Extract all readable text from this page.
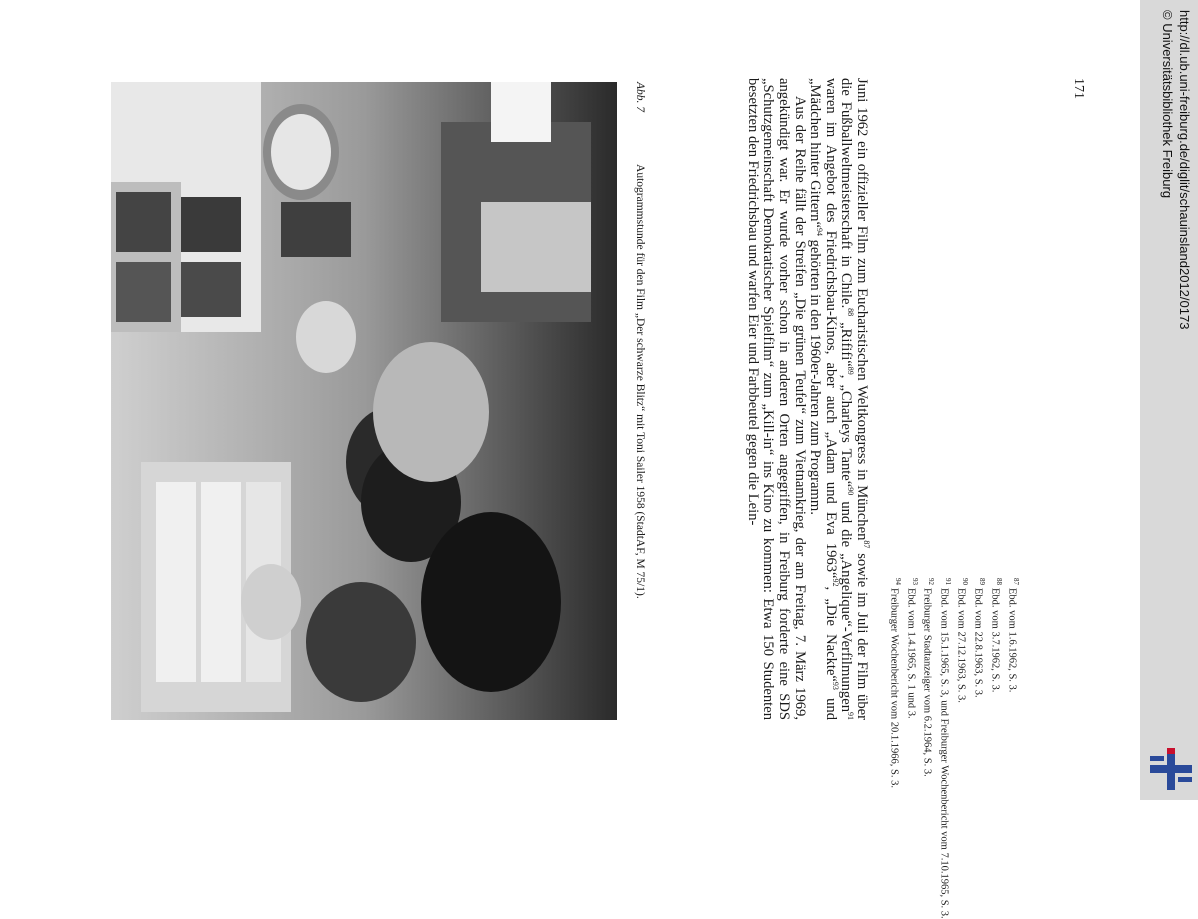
Abb. 7Autogrammstunde für den Film „Der schwarze Blitz“ mit Toni Sailer 1958 (StadtAF, M 75/1).	Juni 1962 ein offizieller Film zum Eucharistischen Weltkongress in München$^{87}$ sowie im Juli der Film über die Fußballweltmeisterschaft in Chile.$^{88}$ „Rififi“$^{89}$, „Charleys Tante“$^{90}$ und die „Angelique“-Verfilmungen$^{91}$ waren im Angebot des Friedrichsbau-Kinos, aber auch „Adam und Eva 1963“$^{92}$, „Die Nackte“$^{93}$ und „Mädchen hinter Gittern“$^{94}$ gehörten in den 1960er-Jahren zum Programm.

Aus der Reihe fällt der Streifen „Die grünen Teufel“ zum Vietnamkrieg, der am Freitag, 7. März 1969, angekündigt war. Er wurde vorher schon in anderen Orten angegriffen, in Freiburg forderte eine SDS „Schutzgemeinschaft Demokratischer Spielfilm“ zum „Kill-in“ ins Kino zu kommen: Etwa 150 Studenten besetzten den Friedrichsbau und warfen Eier und Farbbeutel gegen die Lein-

$^{87}$Ebd. vom 1.6.1962, S. 3.
$^{88}$Ebd. vom 3.7.1962, S. 3.
$^{89}$Ebd. vom 22.8.1963, S. 3.
$^{90}$Ebd. vom 27.12.1963, S. 3.
$^{91}$Ebd. vom 15.1.1965, S. 3, und Freiburger Wochenbericht vom 7.10.1965, S. 3.
$^{92}$Freiburger Stadtanzeiger vom 6.2.1964, S. 3.
$^{93}$Ebd. vom 1.4.1965, S. 1 und 3.
$^{94}$Freiburger Wochenbericht vom 20.1.1966, S. 3.
171	http://dl.ub.uni-freiburg.de/diglit/schauinsland2012/0173
© Universitätsbibliothek Freiburg
